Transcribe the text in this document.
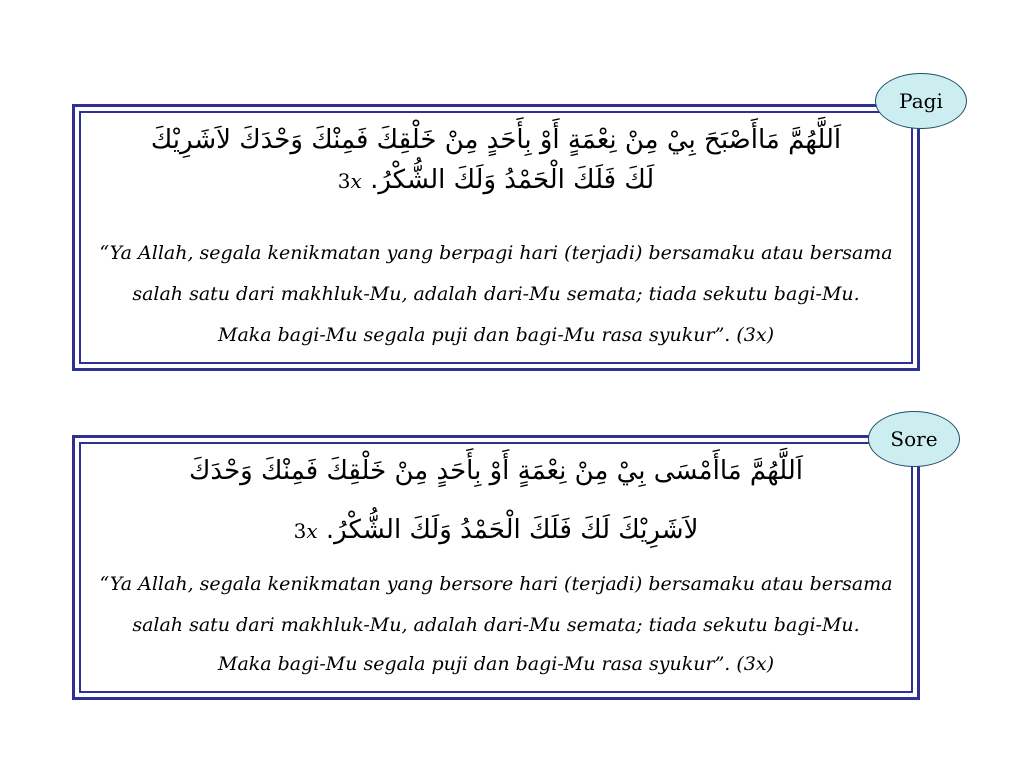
اَللَّهُمَّ مَاأَصْبَحَ بِيْ مِنْ نِعْمَةٍ أَوْ بِأَحَدٍ مِنْ خَلْقِكَ فَمِنْكَ وَحْدَكَ لاَشَرِيْكَ
لَكَ فَلَكَ الْحَمْدُ وَلَكَ الشُّكْرُ. 3x
“Ya Allah, segala kenikmatan yang berpagi hari (terjadi) bersamaku atau bersama
salah satu dari makhluk-Mu, adalah dari-Mu semata; tiada sekutu bagi-Mu.
Maka bagi-Mu segala puji dan bagi-Mu rasa syukur”. (3x)
Pagi
اَللَّهُمَّ مَاأَمْسَى بِيْ مِنْ نِعْمَةٍ أَوْ بِأَحَدٍ مِنْ خَلْقِكَ فَمِنْكَ وَحْدَكَ
لاَشَرِيْكَ لَكَ فَلَكَ الْحَمْدُ وَلَكَ الشُّكْرُ. 3x
“Ya Allah, segala kenikmatan yang bersore hari (terjadi) bersamaku atau bersama
salah satu dari makhluk-Mu, adalah dari-Mu semata; tiada sekutu bagi-Mu.
Maka bagi-Mu segala puji dan bagi-Mu rasa syukur”. (3x)
Sore
